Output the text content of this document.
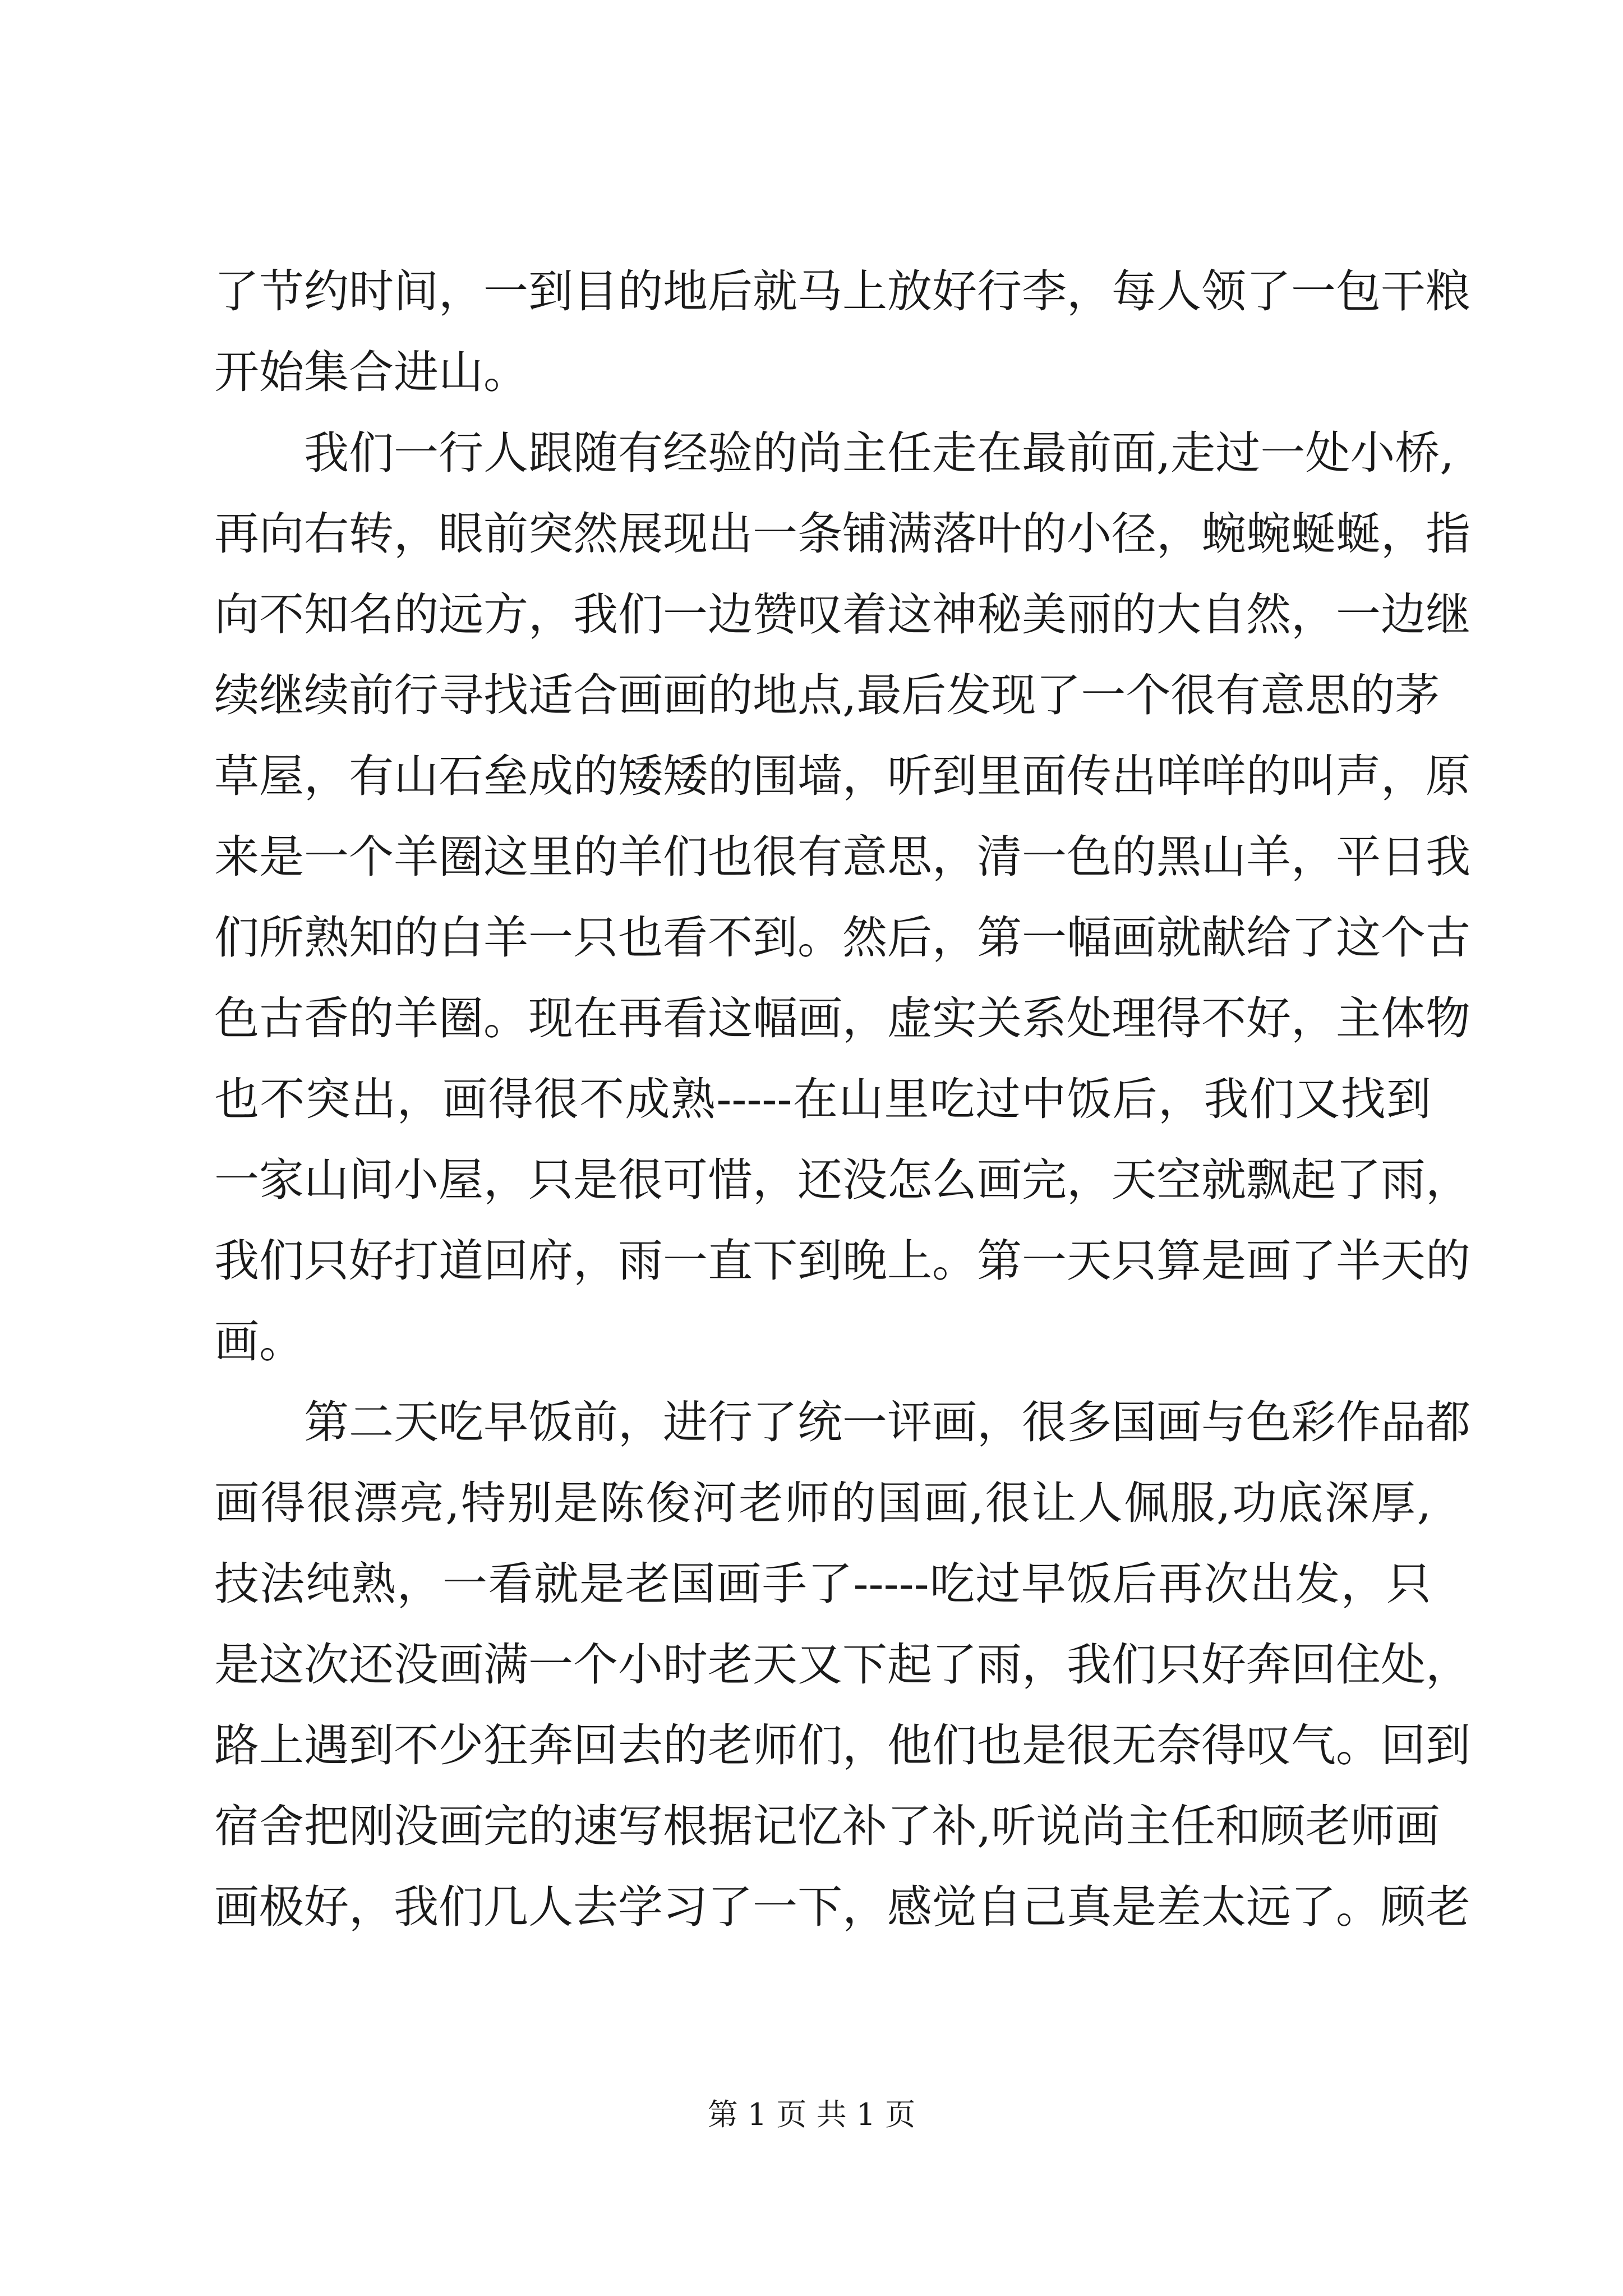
了节约时间，一到目的地后就马上放好行李，每人领了一包干粮
开始集合进山。
我们一行人跟随有经验的尚主任走在最前面,走过一处小桥,
再向右转，眼前突然展现出一条铺满落叶的小径，蜿蜿蜒蜒，指
向不知名的远方，我们一边赞叹着这神秘美丽的大自然，一边继
续继续前行寻找适合画画的地点,最后发现了一个很有意思的茅
草屋，有山石垒成的矮矮的围墙，听到里面传出咩咩的叫声，原
来是一个羊圈这里的羊们也很有意思，清一色的黑山羊，平日我
们所熟知的白羊一只也看不到。然后，第一幅画就献给了这个古
色古香的羊圈。现在再看这幅画，虚实关系处理得不好，主体物
也不突出，画得很不成熟-----在山里吃过中饭后，我们又找到
一家山间小屋，只是很可惜，还没怎么画完，天空就飘起了雨，
我们只好打道回府，雨一直下到晚上。第一天只算是画了半天的
画。
第二天吃早饭前，进行了统一评画，很多国画与色彩作品都
画得很漂亮,特别是陈俊河老师的国画,很让人佩服,功底深厚,
技法纯熟，一看就是老国画手了-----吃过早饭后再次出发，只
是这次还没画满一个小时老天又下起了雨，我们只好奔回住处，
路上遇到不少狂奔回去的老师们，他们也是很无奈得叹气。回到
宿舍把刚没画完的速写根据记忆补了补,听说尚主任和顾老师画
画极好，我们几人去学习了一下，感觉自己真是差太远了。顾老
第 1 页 共 1 页
